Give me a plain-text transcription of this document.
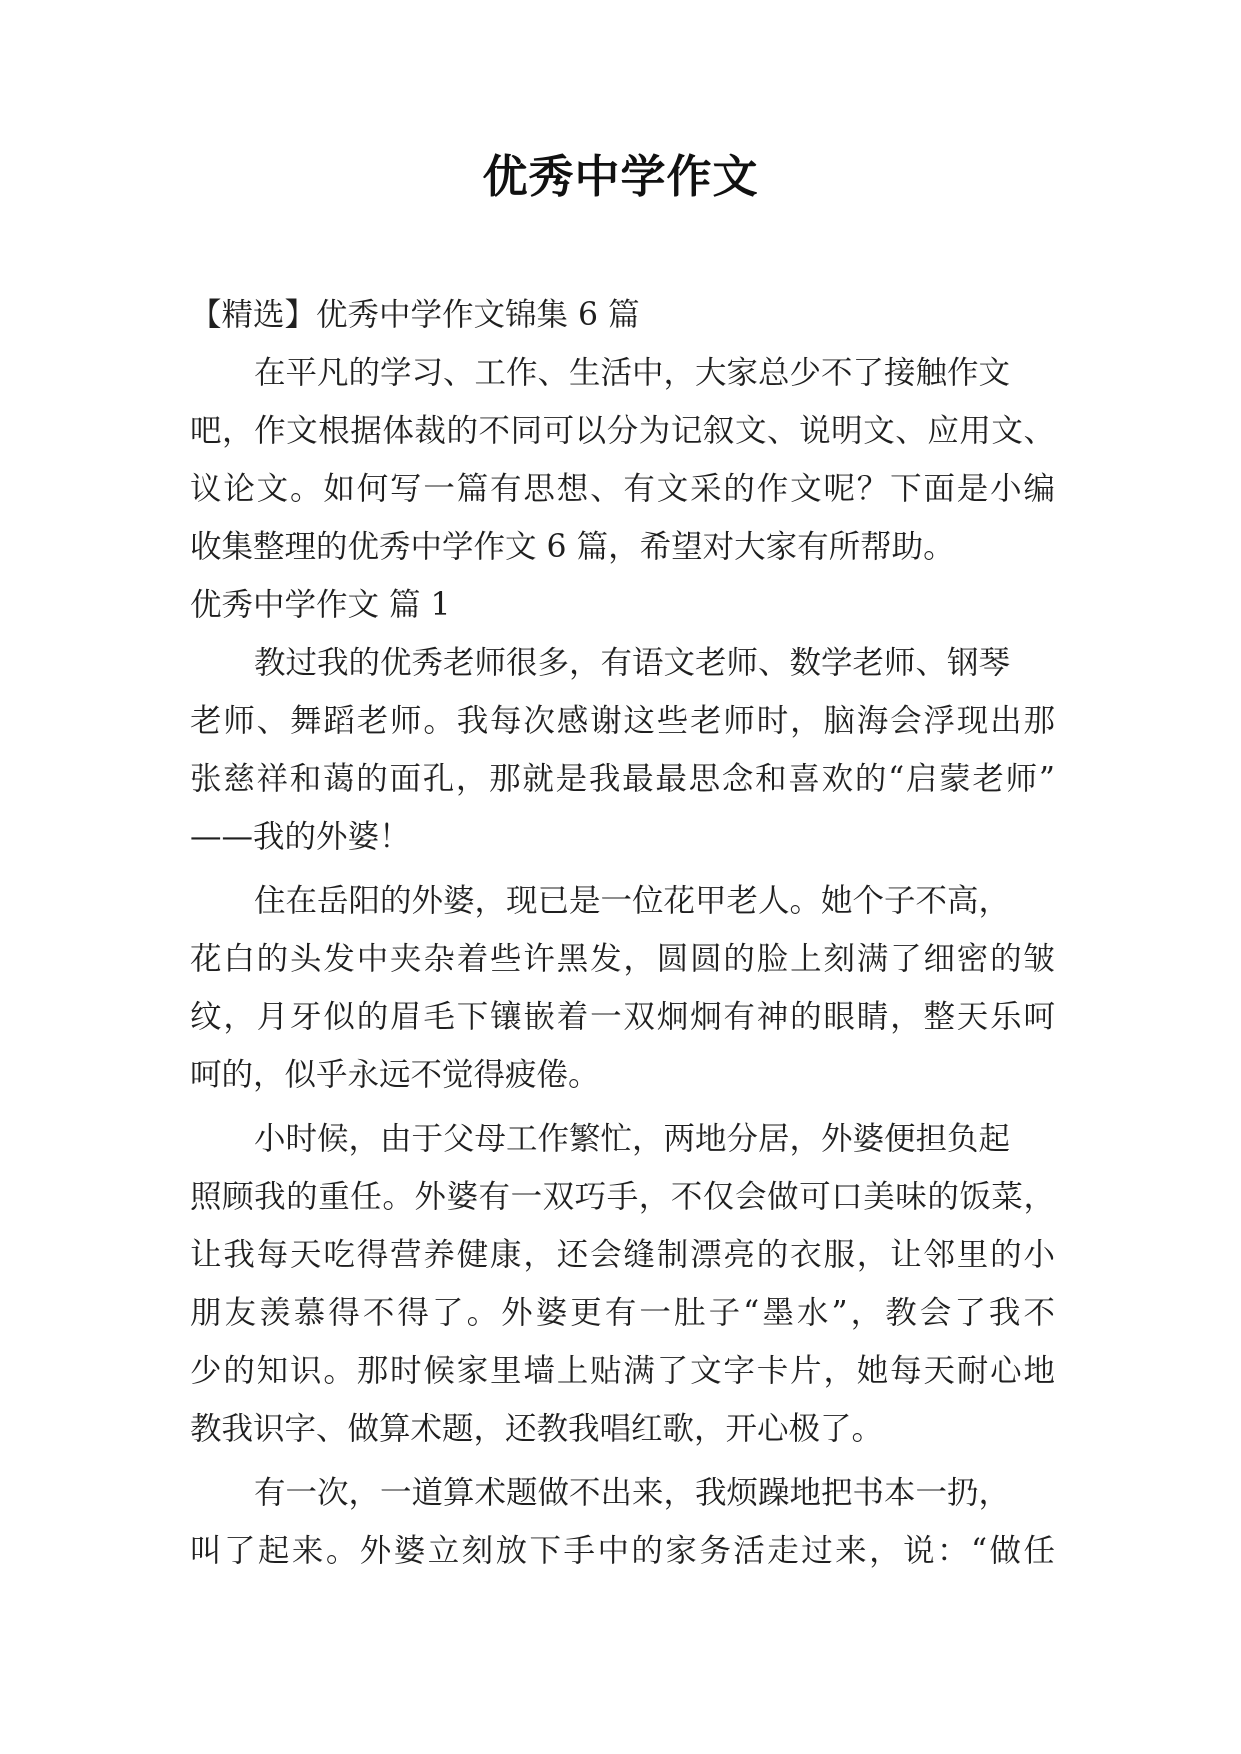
优秀中学作文
【精选】优秀中学作文锦集 6 篇
在平凡的学习、工作、生活中，大家总少不了接触作文
吧，作文根据体裁的不同可以分为记叙文、说明文、应用文、
议论文。如何写一篇有思想、有文采的作文呢？下面是小编
收集整理的优秀中学作文 6 篇，希望对大家有所帮助。
优秀中学作文 篇 1
教过我的优秀老师很多，有语文老师、数学老师、钢琴
老师、舞蹈老师。我每次感谢这些老师时，脑海会浮现出那
张慈祥和蔼的面孔，那就是我最最思念和喜欢的“启蒙老师”
——我的外婆！
住在岳阳的外婆，现已是一位花甲老人。她个子不高，
花白的头发中夹杂着些许黑发，圆圆的脸上刻满了细密的皱
纹，月牙似的眉毛下镶嵌着一双炯炯有神的眼睛，整天乐呵
呵的，似乎永远不觉得疲倦。
小时候，由于父母工作繁忙，两地分居，外婆便担负起
照顾我的重任。外婆有一双巧手，不仅会做可口美味的饭菜，
让我每天吃得营养健康，还会缝制漂亮的衣服，让邻里的小
朋友羡慕得不得了。外婆更有一肚子“墨水”，教会了我不
少的知识。那时候家里墙上贴满了文字卡片，她每天耐心地
教我识字、做算术题，还教我唱红歌，开心极了。
有一次，一道算术题做不出来，我烦躁地把书本一扔，
叫了起来。外婆立刻放下手中的家务活走过来，说：“做任
